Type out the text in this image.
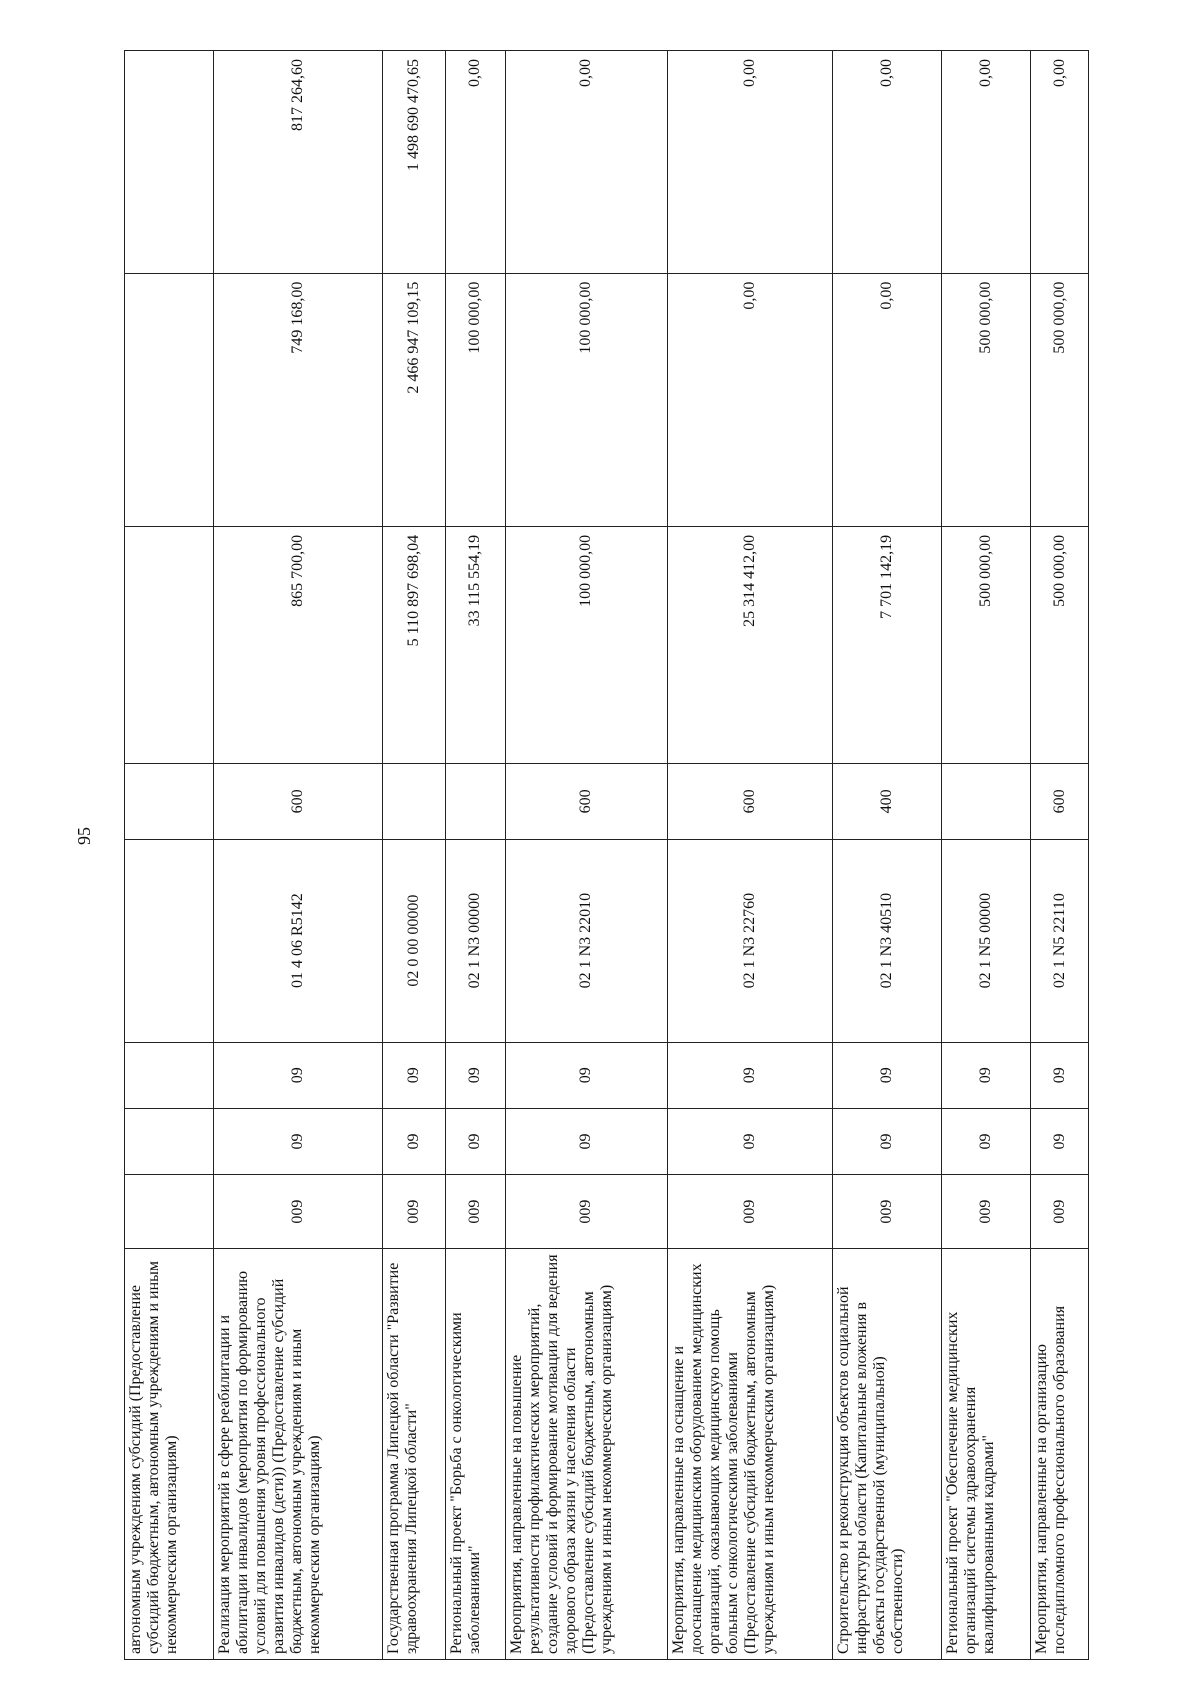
95
автономным учреждениям субсидий (Предоставление субсидий бюджетным, автономным учреждениям и иным некоммерческим организациям)								
Реализация мероприятий в сфере реабилитации и абилитации инвалидов (мероприятия по формированию условий для повышения уровня профессионального развития инвалидов (дети)) (Предоставление субсидий бюджетным, автономным учреждениям и иным некоммерческим организациям)	009	09	09	01 4 06 R5142	600	865 700,00	749 168,00	817 264,60
Государственная программа Липецкой области "Развитие здравоохранения Липецкой области"	009	09	09	02 0 00 00000		5 110 897 698,04	2 466 947 109,15	1 498 690 470,65
Региональный проект "Борьба с онкологическими заболеваниями"	009	09	09	02 1 N3 00000		33 115 554,19	100 000,00	0,00
Мероприятия, направленные на повышение результативности профилактических мероприятий, создание условий и формирование мотивации для ведения здорового образа жизни у населения области (Предоставление субсидий бюджетным, автономным учреждениям и иным некоммерческим организациям)	009	09	09	02 1 N3 22010	600	100 000,00	100 000,00	0,00
Мероприятия, направленные на оснащение и дооснащение медицинским оборудованием медицинских организаций, оказывающих медицинскую помощь больным с онкологическими заболеваниями (Предоставление субсидий бюджетным, автономным учреждениям и иным некоммерческим организациям)	009	09	09	02 1 N3 22760	600	25 314 412,00	0,00	0,00
Строительство и реконструкция объектов социальной инфраструктуры области (Капитальные вложения в объекты государственной (муниципальной) собственности)	009	09	09	02 1 N3 40510	400	7 701 142,19	0,00	0,00
Региональный проект "Обеспечение медицинских организаций системы здравоохранения квалифицированными кадрами"	009	09	09	02 1 N5 00000		500 000,00	500 000,00	0,00
Мероприятия, направленные на организацию последипломного профессионального образования	009	09	09	02 1 N5 22110	600	500 000,00	500 000,00	0,00
